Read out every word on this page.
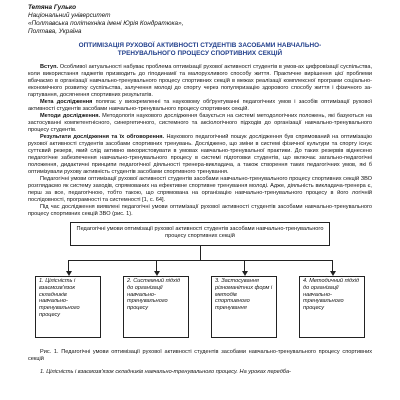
Тетяна Гулько
Національний університет
«Полтавська політехніка імені Юрія Кондратюка»,
Полтава, Україна
ОПТИМІЗАЦІЯ РУХОВОЇ АКТИВНОСТІ СТУДЕНТІВ ЗАСОБАМИ НАВЧАЛЬНО-
ТРЕНУВАЛЬНОГО ПРОЦЕСУ СПОРТИВНИХ СЕКЦІЙ

Вступ. Особливої актуальності набуває проблема оптимізації рухової активності студентів в умов-ах цифровізації суспільства, коли використання гаджетів призводить до гіподинамії та малорухливого способу життя. Практичне вирішення цієї проблеми вбачаємо в організації навчально-тренувального процесу спортивних секцій в межах реалізації комплексної програми соціально-економічного розвитку суспільства, залучення молоді до спорту через популяризацію здорового способу життя і фізичного за-гартування, досягнення спортивних результатів.

Мета дослідження полягає у виокремленні та науковому обґрунтуванні педагогічних умов і засобів оптимізації рухової активності студентів засобами навчально-тренувального процесу спортивних секцій.

Методи дослідження. Методологія наукового дослідження базується на системі методологічних положень, які базуються на застосуванні компетентнісного, синергетичного, системного та аксіологічного підходів до організації навчально-тренувального процесу студентів.

Результати дослідження та їх обговорення. Наукового педагогічний пошук дослідження був спрямований на оптимізацію рухової активності студентів засобами спортивних тренувань. Досліджено, що зміни в системі фізичної культури та спорту існує суттєвий резерв, який слід активно використовувати в умовах навчально-тренувальної практики. До таких резервів віднесено педагогічне забезпечення навчально-тренувального процесу в системі підготовки студентів, що включає загально-педагогічні положення, дидактичні принципи педагогічної діяльності тренера-викладача, а також створення таких педагогічних умов, які б оптимізували рухову активність студентів засобами спортивного тренування.

Педагогічні умови оптимізації рухової активності студентів засобами навчально-тренувального процесу спортивних секцій ЗВО розглядаємо як систему заходів, спрямованих на ефективне спортивне тренування молоді. Адже, діяльність викладача-тренера є, перш за все, педагогічною, тобто такою, що спрямована на організацію навчально-тренувального процесу в його логічній послідовності, програмності та системності [1, с. 64].

Під час дослідження виявлені педагогічні умови оптимізації рухової активності студентів засобами навчально-тренувального процесу спортивних секцій ЗВО (рис. 1).

Педагогічні умови оптимізації рухової активності студентів засобами навчально-тренувального процесу спортивних секцій
1. Цілісність і взаємозв'язок складників навчально-тренувального процесу
2. Системний підхід до організації навчально-тренувального процесу
3. Застосування різноманітних форм і методів спортивного тренування
4. Методичний підхід до організації навчально-тренувального процесу

Рис. 1. Педагогічні умови оптимізації рухової активності студентів засобами навчально-тренувального процесу спортивних секцій

1. Цілісність і взаємозв'язок складників навчально-тренувального процесу. На уроках передба-
